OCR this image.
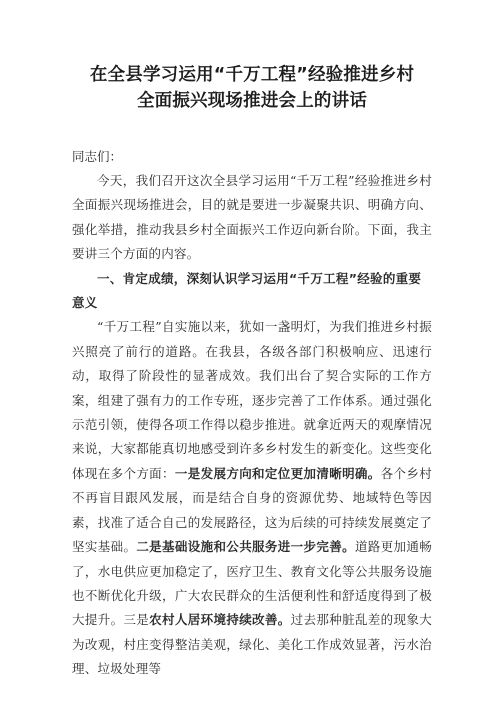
在全县学习运用“千万工程”经验推进乡村
全面振兴现场推进会上的讲话

同志们：

今天，我们召开这次全县学习运用“千万工程”经验推进乡村全面振兴现场推进会，目的就是要进一步凝聚共识、明确方向、强化举措，推动我县乡村全面振兴工作迈向新台阶。下面，我主要讲三个方面的内容。

一、肯定成绩，深刻认识学习运用“千万工程”经验的重要意义

“千万工程”自实施以来，犹如一盏明灯，为我们推进乡村振兴照亮了前行的道路。在我县，各级各部门积极响应、迅速行动，取得了阶段性的显著成效。我们出台了契合实际的工作方案，组建了强有力的工作专班，逐步完善了工作体系。通过强化示范引领，使得各项工作得以稳步推进。就拿近两天的观摩情况来说，大家都能真切地感受到许多乡村发生的新变化。这些变化体现在多个方面：一是发展方向和定位更加清晰明确。各个乡村不再盲目跟风发展，而是结合自身的资源优势、地域特色等因素，找准了适合自己的发展路径，这为后续的可持续发展奠定了坚实基础。二是基础设施和公共服务进一步完善。道路更加通畅了，水电供应更加稳定了，医疗卫生、教育文化等公共服务设施也不断优化升级，广大农民群众的生活便利性和舒适度得到了极大提升。三是农村人居环境持续改善。过去那种脏乱差的现象大为改观，村庄变得整洁美观，绿化、美化工作成效显著，污水治理、垃圾处理等
